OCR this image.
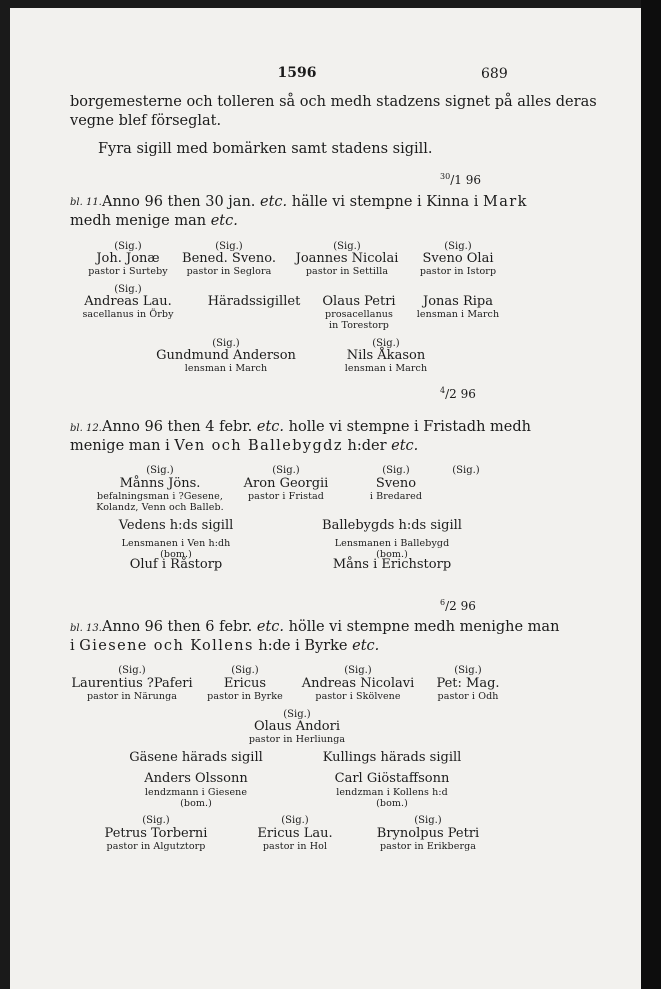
1596	689
borgemesterne och tolleren så och medh stadzens signet på alles deras
vegne blef förseglat.
Fyra sigill med bomärken samt stadens sigill.
$^{30}$/1 96
bl. 11. Anno 96 then 30 jan. etc. hälle vi stempne i Kinna i Mark
medh menige man etc.
(Sig.)
Joh. Jonæ
pastor i Surteby
(Sig.)
Bened. Sveno.
pastor in Seglora
(Sig.)
Joannes Nicolai
pastor in Settilla
(Sig.)
Sveno Olai
pastor in Istorp
(Sig.)
Andreas Lau.
sacellanus in Örby
Häradssigillet Olaus Petri
prosacellanus
in Torestorp
Jonas Ripa
lensman i March
(Sig.)
Gundmund Anderson
lensman i March
(Sig.)
Nils Åkason
lensman i March
$^4$/2 96
bl. 12. Anno 96 then 4 febr. etc. holle vi stempne i Fristadh medh
menige man i Ven och Ballebygdz h:der etc.
(Sig.)
Månns Jöns.
befalningsman i ?Gesene,
Kolandz, Venn och Balleb.
(Sig.)
Aron Georgii
pastor i Fristad
(Sig.)
Sveno
i Bredared
(Sig.)
Vedens h:ds sigill
Lensmanen i Ven h:dh
(bom.)
Oluf i Råstorp
Ballebygds h:ds sigill
Lensmanen i Ballebygd
(bom.)
Måns i Erichstorp
$^6$/2 96
bl. 13. Anno 96 then 6 febr. etc. hölle vi stempne medh menighe man
i Giesene och Kollens h:de i Byrke etc.
(Sig.)
Laurentius ?Paferi
pastor in Närunga
(Sig.)
Ericus
pastor in Byrke
(Sig.)
Andreas Nicolavi
pastor i Skölvene
(Sig.)
Pet: Mag.
pastor i Odh
(Sig.)
Olaus Andori
pastor in Herliunga
Gäsene härads sigill
Anders Olssonn
lendzmann i Giesene
(bom.)
Kullings härads sigill
Carl Giöstaffsonn
lendzman i Kollens h:d
(bom.)
(Sig.)
Petrus Torberni
pastor in Algutztorp
(Sig.)
Ericus Lau.
pastor in Hol
(Sig.)
Brynolpus Petri
pastor in Erikberga
